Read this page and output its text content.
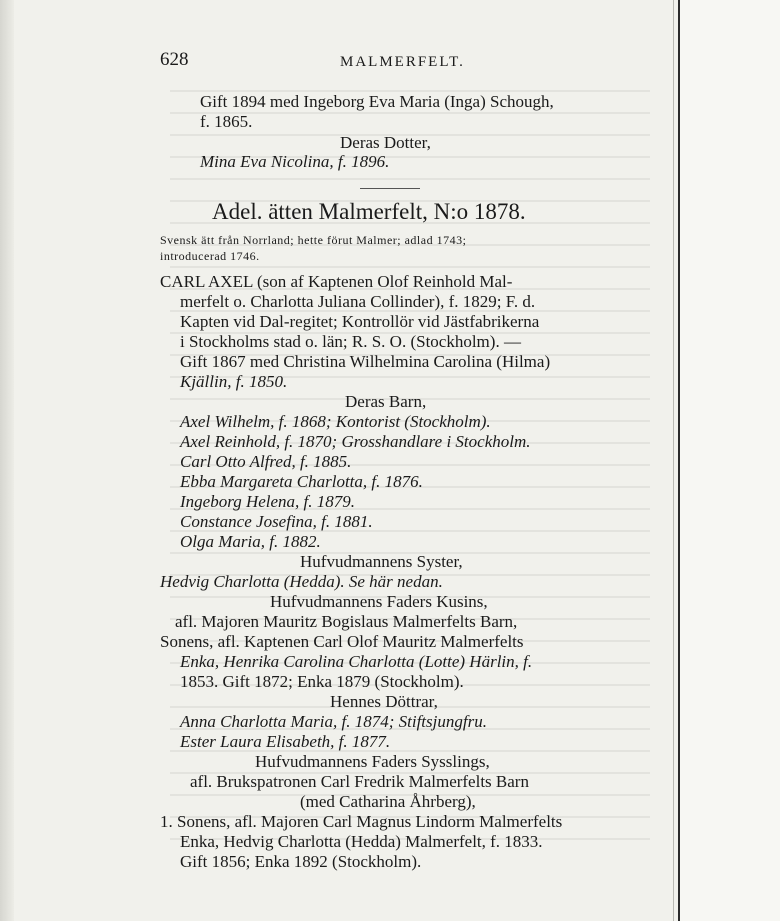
628	MALMERFELT.
Gift 1894 med Ingeborg Eva Maria (Inga) Schough,
f. 1865.
Deras Dotter,
Mina Eva Nicolina, f. 1896.
Adel. ätten Malmerfelt, N:o 1878.
Svensk ätt från Norrland; hette förut Malmer; adlad 1743;
introducerad 1746.
CARL AXEL (son af Kaptenen Olof Reinhold Mal-
merfelt o. Charlotta Juliana Collinder), f. 1829; F. d.
Kapten vid Dal-regitet; Kontrollör vid Jästfabrikerna
i Stockholms stad o. län; R. S. O. (Stockholm). —
Gift 1867 med Christina Wilhelmina Carolina (Hilma)
Kjällin, f. 1850.
Deras Barn,
Axel Wilhelm, f. 1868; Kontorist (Stockholm).
Axel Reinhold, f. 1870; Grosshandlare i Stockholm.
Carl Otto Alfred, f. 1885.
Ebba Margareta Charlotta, f. 1876.
Ingeborg Helena, f. 1879.
Constance Josefina, f. 1881.
Olga Maria, f. 1882.
Hufvudmannens Syster,
Hedvig Charlotta (Hedda). Se här nedan.
Hufvudmannens Faders Kusins,
afl. Majoren Mauritz Bogislaus Malmerfelts Barn,
Sonens, afl. Kaptenen Carl Olof Mauritz Malmerfelts
Enka, Henrika Carolina Charlotta (Lotte) Härlin, f.
1853. Gift 1872; Enka 1879 (Stockholm).
Hennes Döttrar,
Anna Charlotta Maria, f. 1874; Stiftsjungfru.
Ester Laura Elisabeth, f. 1877.
Hufvudmannens Faders Sysslings,
afl. Brukspatronen Carl Fredrik Malmerfelts Barn
(med Catharina Åhrberg),
1. Sonens, afl. Majoren Carl Magnus Lindorm Malmerfelts
Enka, Hedvig Charlotta (Hedda) Malmerfelt, f. 1833.
Gift 1856; Enka 1892 (Stockholm).
